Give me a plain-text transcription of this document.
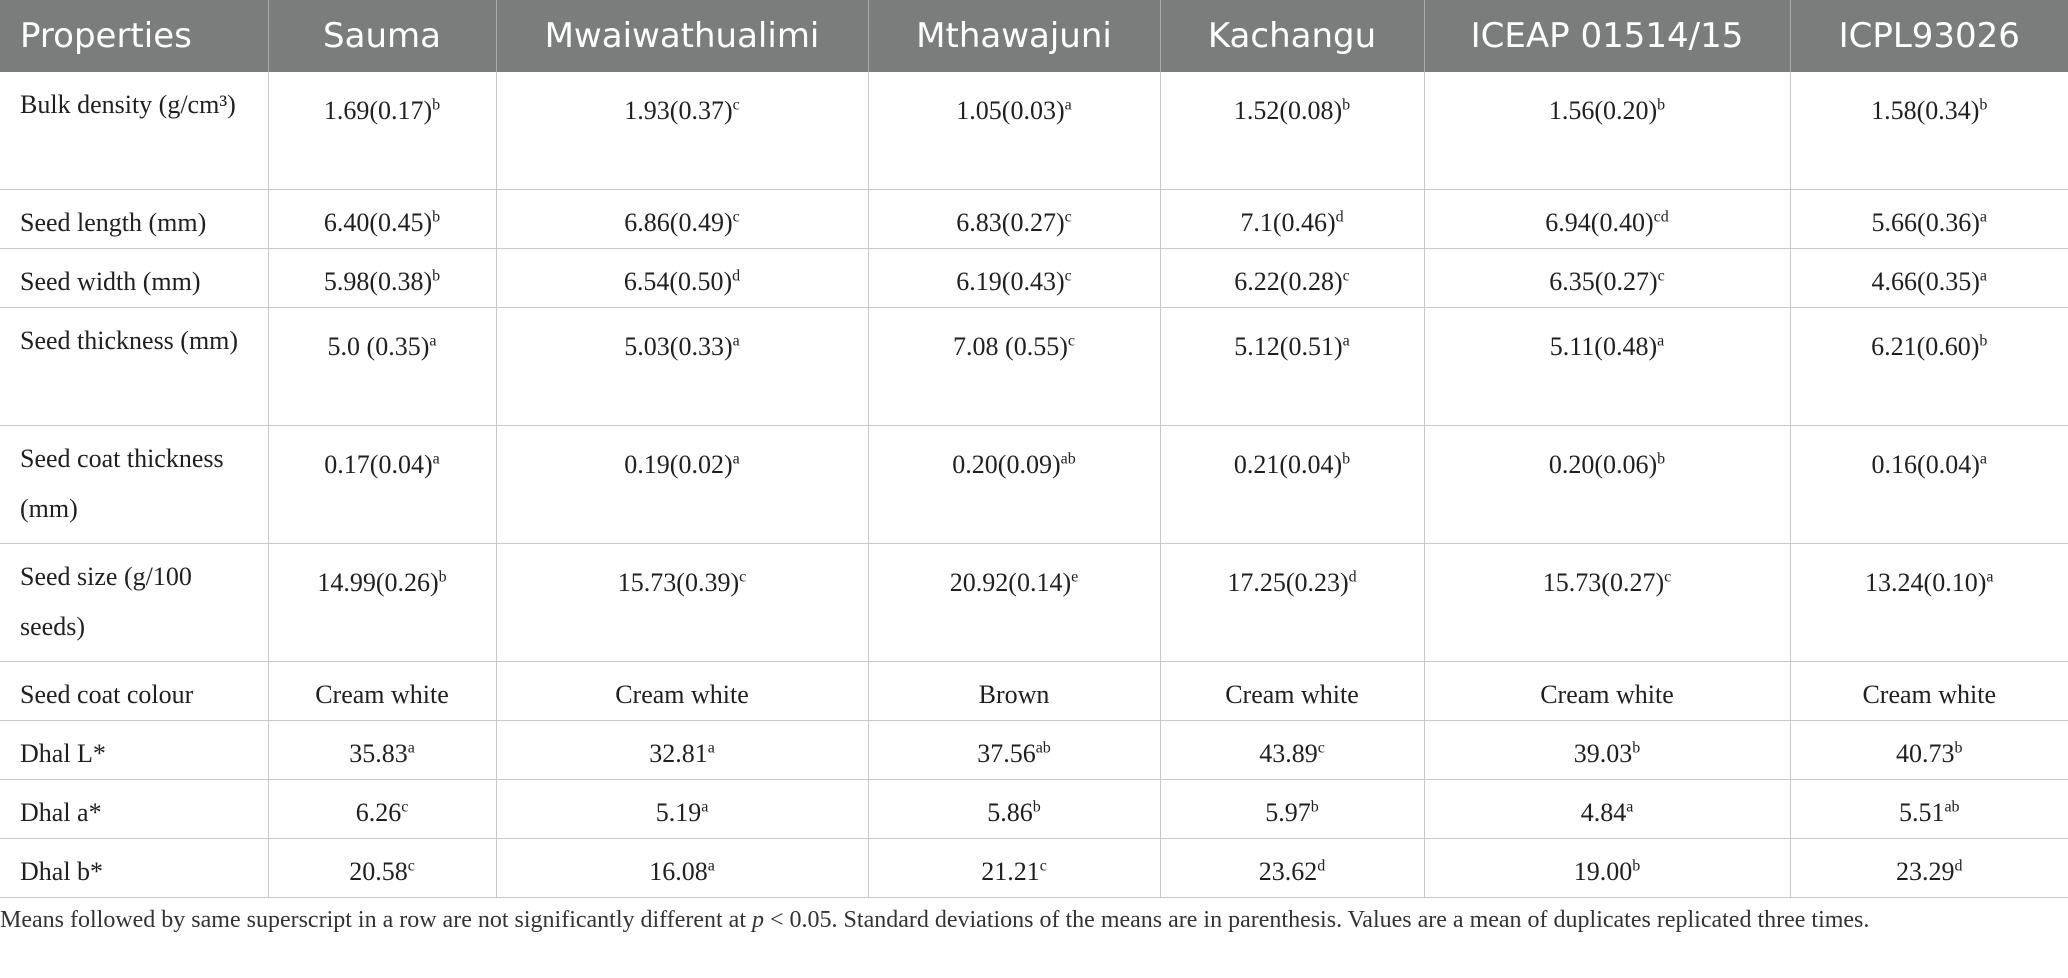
Properties	Sauma	Mwaiwathualimi	Mthawajuni	Kachangu	ICEAP 01514/15	ICPL93026
Bulk density (g/cm³)	$1.69(0.17)^b$	$1.93(0.37)^c$	$1.05(0.03)^a$	$1.52(0.08)^b$	$1.56(0.20)^b$	$1.58(0.34)^b$
Seed length (mm)	$6.40(0.45)^b$	$6.86(0.49)^c$	$6.83(0.27)^c$	$7.1(0.46)^d$	$6.94(0.40)^{cd}$	$5.66(0.36)^a$
Seed width (mm)	$5.98(0.38)^b$	$6.54(0.50)^d$	$6.19(0.43)^c$	$6.22(0.28)^c$	$6.35(0.27)^c$	$4.66(0.35)^a$
Seed thickness (mm)	5.0 $(0.35)^a$	$5.03(0.33)^a$	7.08 $(0.55)^c$	$5.12(0.51)^a$	$5.11(0.48)^a$	$6.21(0.60)^b$
Seed coat thickness (mm)	$0.17(0.04)^a$	$0.19(0.02)^a$	$0.20(0.09)^{ab}$	$0.21(0.04)^b$	$0.20(0.06)^b$	$0.16(0.04)^a$
Seed size (g/100 seeds)	$14.99(0.26)^b$	$15.73(0.39)^c$	$20.92(0.14)^e$	$17.25(0.23)^d$	$15.73(0.27)^c$	$13.24(0.10)^a$
Seed coat colour	Cream white	Cream white	Brown	Cream white	Cream white	Cream white
Dhal L*	35.83$^a$	32.81$^a$	37.56$^{ab}$	43.89$^c$	39.03$^b$	40.73$^b$
Dhal a*	6.26$^c$	5.19$^a$	5.86$^b$	5.97$^b$	4.84$^a$	5.51$^{ab}$
Dhal b*	20.58$^c$	16.08$^a$	21.21$^c$	23.62$^d$	19.00$^b$	23.29$^d$
Means followed by same superscript in a row are not significantly different at p < 0.05. Standard deviations of the means are in parenthesis. Values are a mean of duplicates replicated three times.
